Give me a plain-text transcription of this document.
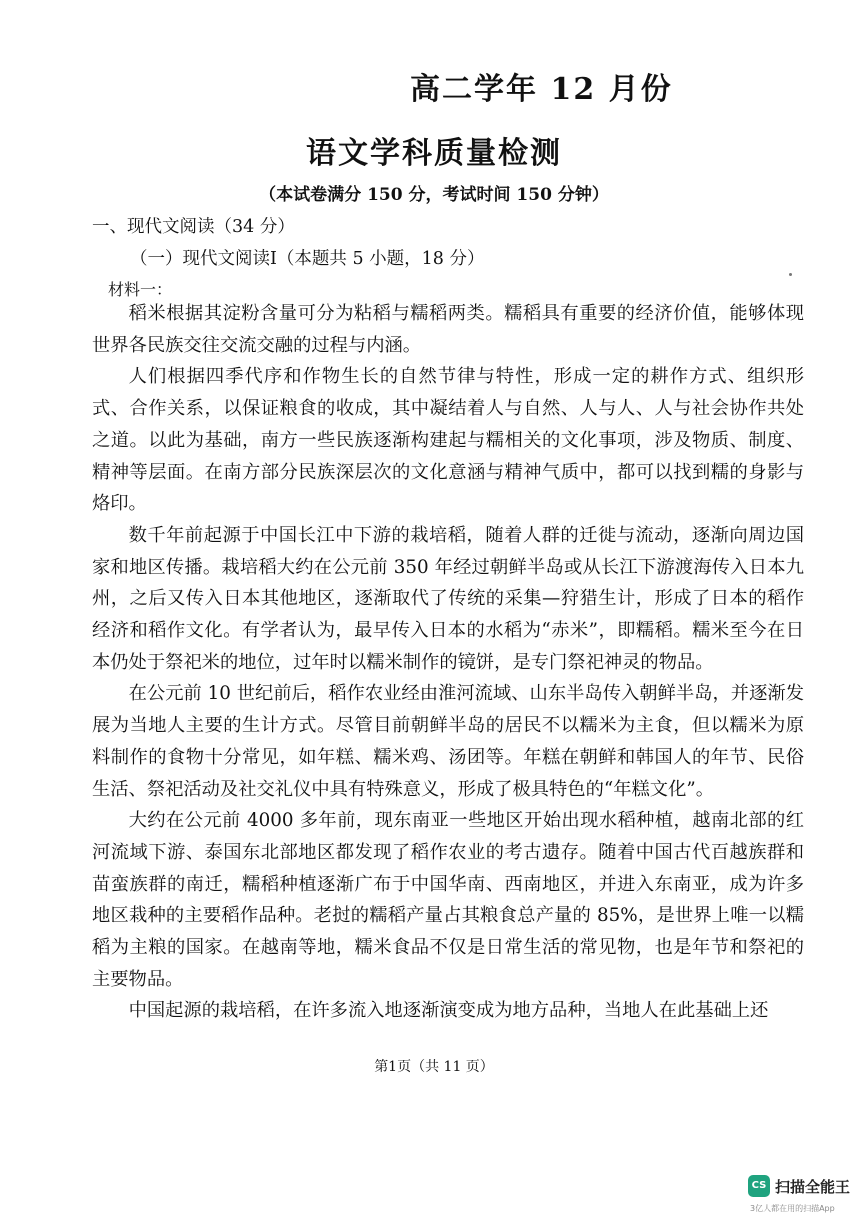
高二学年 12 月份
语文学科质量检测
（本试卷满分 150 分，考试时间 150 分钟）
一、现代文阅读（34 分）
（一）现代文阅读Ⅰ（本题共 5 小题，18 分）
材料一：

稻米根据其淀粉含量可分为粘稻与糯稻两类。糯稻具有重要的经济价值，能够体现世界各民族交往交流交融的过程与内涵。

人们根据四季代序和作物生长的自然节律与特性，形成一定的耕作方式、组织形式、合作关系，以保证粮食的收成，其中凝结着人与自然、人与人、人与社会协作共处之道。以此为基础，南方一些民族逐渐构建起与糯相关的文化事项，涉及物质、制度、精神等层面。在南方部分民族深层次的文化意涵与精神气质中，都可以找到糯的身影与烙印。

数千年前起源于中国长江中下游的栽培稻，随着人群的迁徙与流动，逐渐向周边国家和地区传播。栽培稻大约在公元前 350 年经过朝鲜半岛或从长江下游渡海传入日本九州，之后又传入日本其他地区，逐渐取代了传统的采集—狩猎生计，形成了日本的稻作经济和稻作文化。有学者认为，最早传入日本的水稻为“赤米”，即糯稻。糯米至今在日本仍处于祭祀米的地位，过年时以糯米制作的镜饼，是专门祭祀神灵的物品。

在公元前 10 世纪前后，稻作农业经由淮河流域、山东半岛传入朝鲜半岛，并逐渐发展为当地人主要的生计方式。尽管目前朝鲜半岛的居民不以糯米为主食，但以糯米为原料制作的食物十分常见，如年糕、糯米鸡、汤团等。年糕在朝鲜和韩国人的年节、民俗生活、祭祀活动及社交礼仪中具有特殊意义，形成了极具特色的“年糕文化”。

大约在公元前 4000 多年前，现东南亚一些地区开始出现水稻种植，越南北部的红河流域下游、泰国东北部地区都发现了稻作农业的考古遗存。随着中国古代百越族群和苗蛮族群的南迁，糯稻种植逐渐广布于中国华南、西南地区，并进入东南亚，成为许多地区栽种的主要稻作品种。老挝的糯稻产量占其粮食总产量的 85%，是世界上唯一以糯稻为主粮的国家。在越南等地，糯米食品不仅是日常生活的常见物，也是年节和祭祀的主要物品。

中国起源的栽培稻，在许多流入地逐渐演变成为地方品种，当地人在此基础上还

第1页（共 11 页）
CS 扫描全能王
3亿人都在用的扫描App
